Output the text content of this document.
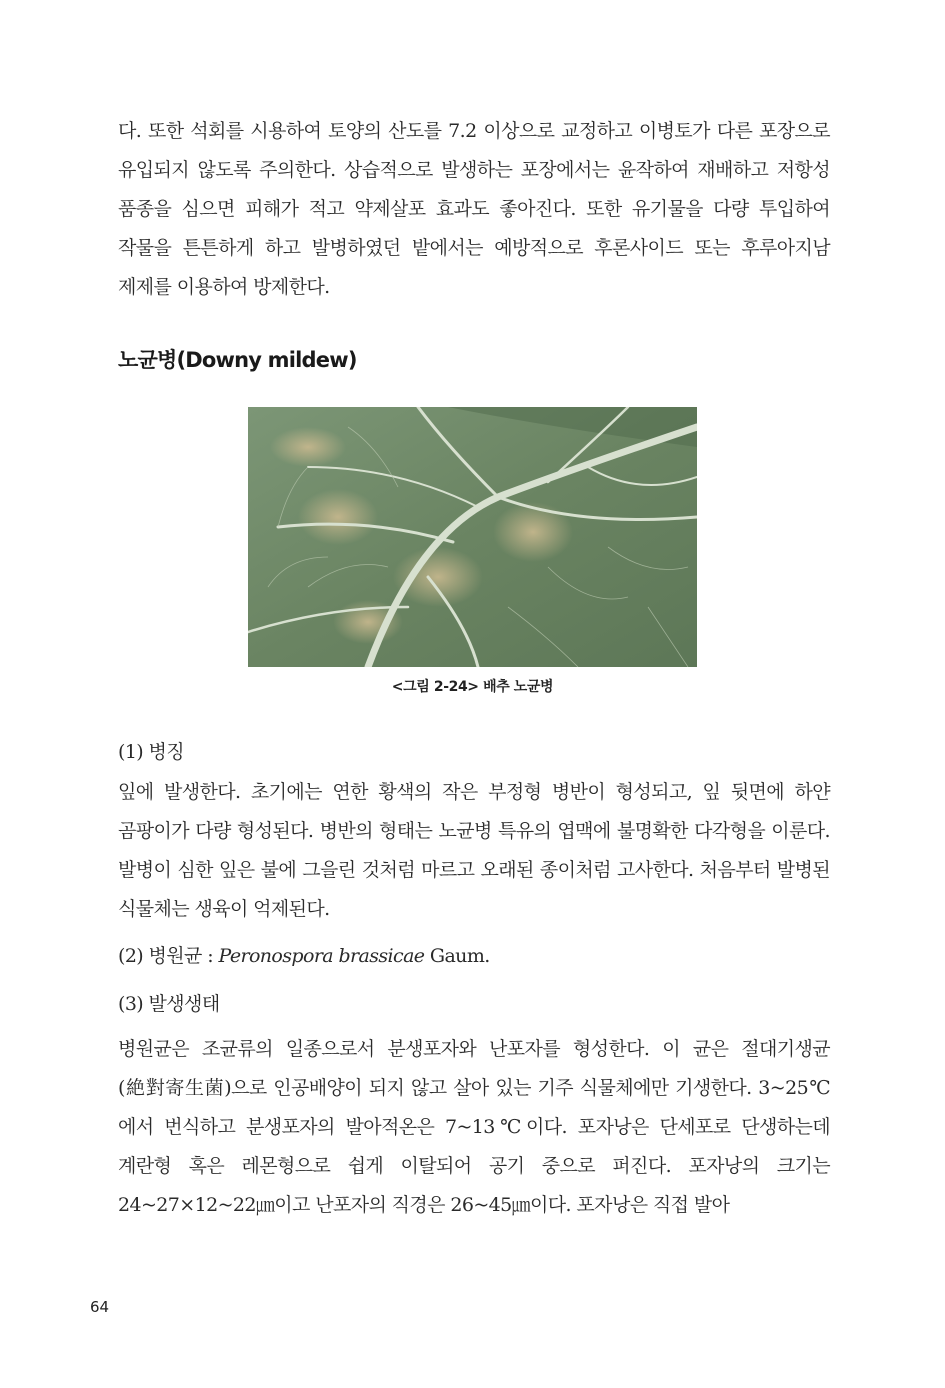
다. 또한 석회를 시용하여 토양의 산도를 7.2 이상으로 교정하고 이병토가 다른 포장으로 유입되지 않도록 주의한다. 상습적으로 발생하는 포장에서는 윤작하여 재배하고 저항성 품종을 심으면 피해가 적고 약제살포 효과도 좋아진다. 또한 유기물을 다량 투입하여 작물을 튼튼하게 하고 발병하였던 밭에서는 예방적으로 후론사이드 또는 후루아지남 제제를 이용하여 방제한다.

노균병(Downy mildew)
<그림 2-24> 배추 노균병

(1) 병징

잎에 발생한다. 초기에는 연한 황색의 작은 부정형 병반이 형성되고, 잎 뒷면에 하얀 곰팡이가 다량 형성된다. 병반의 형태는 노균병 특유의 엽맥에 불명확한 다각형을 이룬다. 발병이 심한 잎은 불에 그을린 것처럼 마르고 오래된 종이처럼 고사한다. 처음부터 발병된 식물체는 생육이 억제된다.

(2) 병원균 : Peronospora brassicae Gaum.

(3) 발생생태

병원균은 조균류의 일종으로서 분생포자와 난포자를 형성한다. 이 균은 절대기생균(絶對寄生菌)으로 인공배양이 되지 않고 살아 있는 기주 식물체에만 기생한다. 3~25℃에서 번식하고 분생포자의 발아적온은 7~13℃이다. 포자낭은 단세포로 단생하는데 계란형 혹은 레몬형으로 쉽게 이탈되어 공기 중으로 퍼진다. 포자낭의 크기는 24~27×12~22㎛이고 난포자의 직경은 26~45㎛이다. 포자낭은 직접 발아

64
